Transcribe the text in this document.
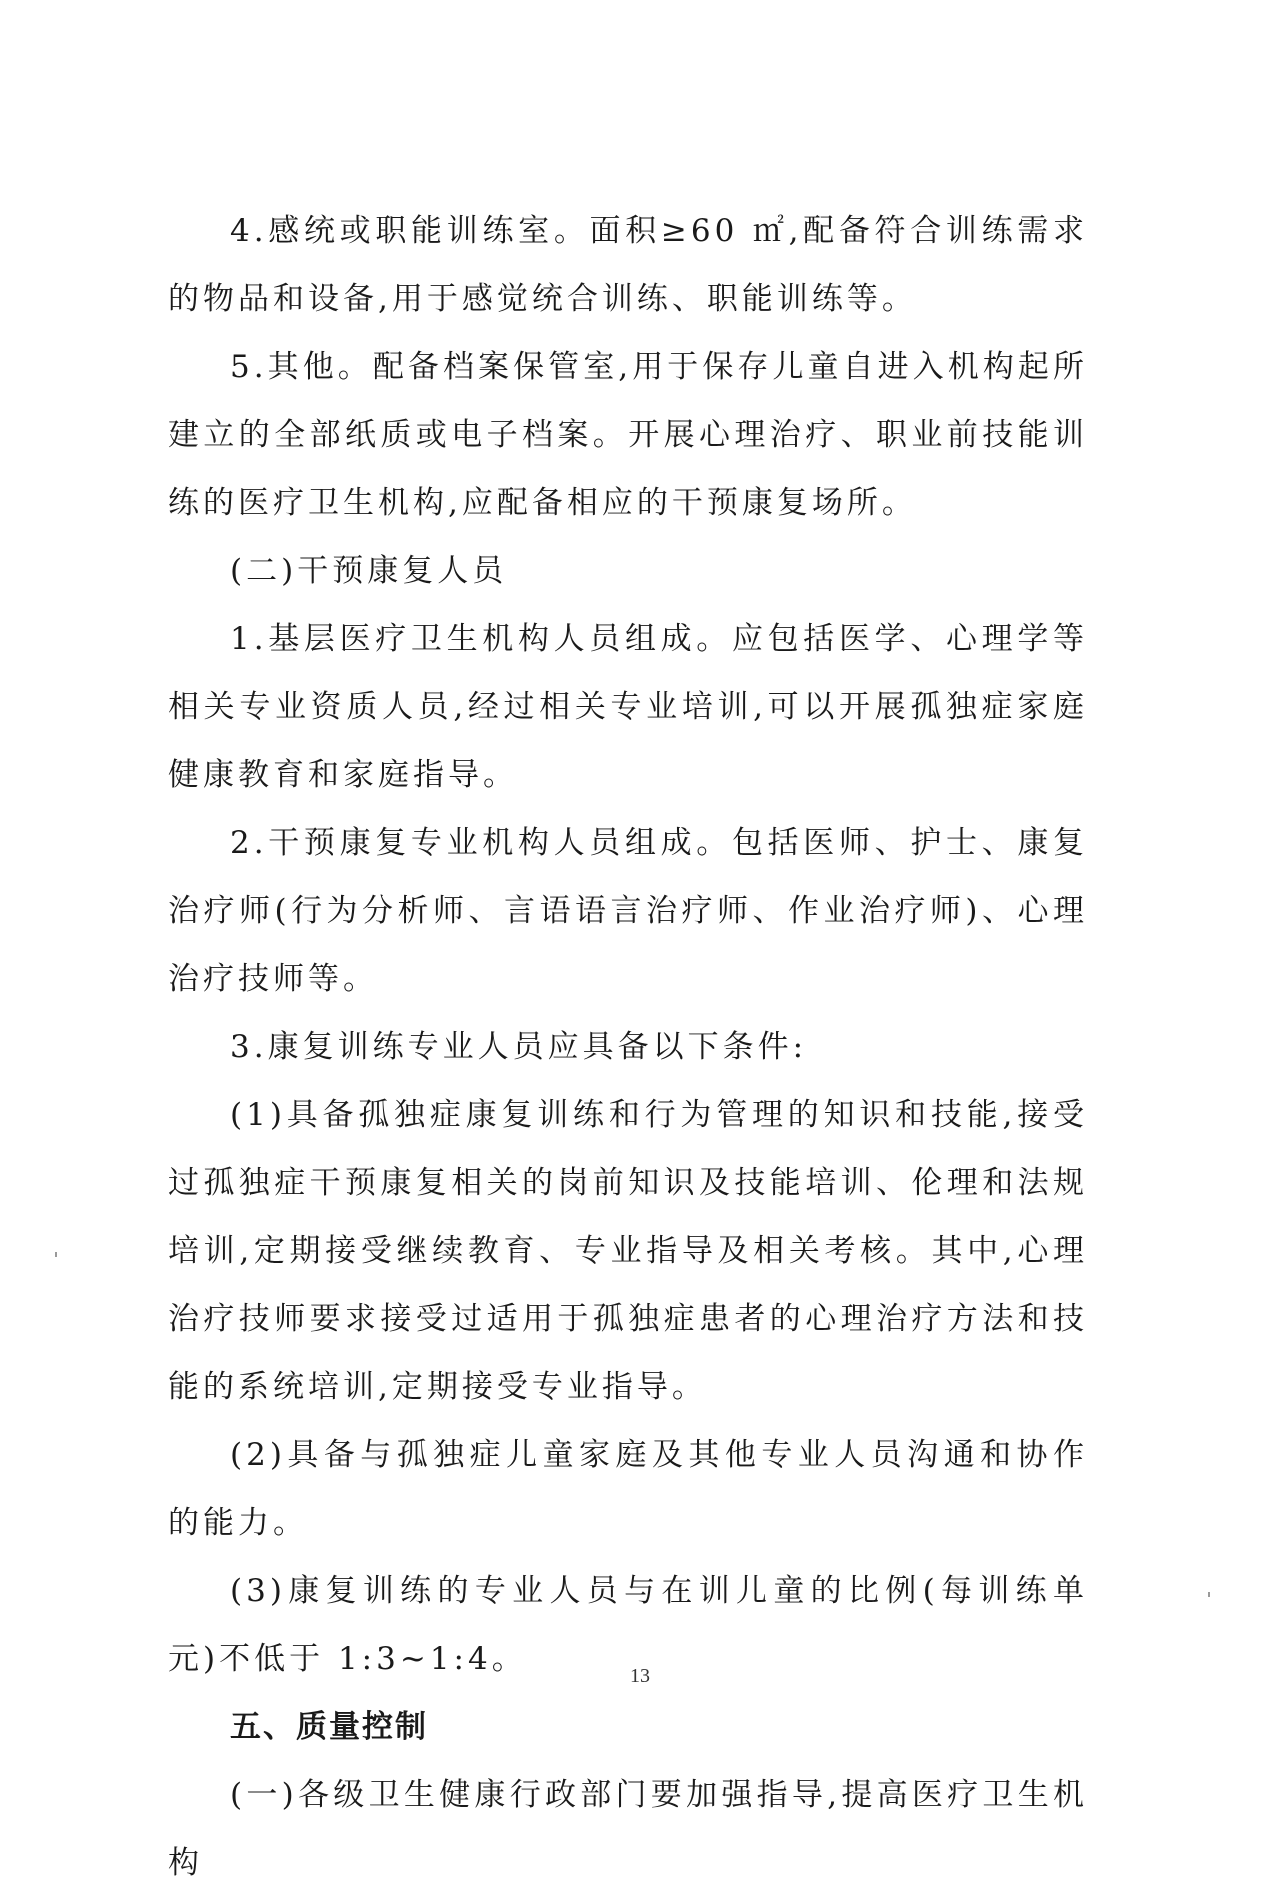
4.感统或职能训练室。面积≥60 ㎡,配备符合训练需求的物品和设备,用于感觉统合训练、职能训练等。

5.其他。配备档案保管室,用于保存儿童自进入机构起所建立的全部纸质或电子档案。开展心理治疗、职业前技能训练的医疗卫生机构,应配备相应的干预康复场所。

(二)干预康复人员

1.基层医疗卫生机构人员组成。应包括医学、心理学等相关专业资质人员,经过相关专业培训,可以开展孤独症家庭健康教育和家庭指导。

2.干预康复专业机构人员组成。包括医师、护士、康复治疗师(行为分析师、言语语言治疗师、作业治疗师)、心理治疗技师等。

3.康复训练专业人员应具备以下条件:

(1)具备孤独症康复训练和行为管理的知识和技能,接受过孤独症干预康复相关的岗前知识及技能培训、伦理和法规培训,定期接受继续教育、专业指导及相关考核。其中,心理治疗技师要求接受过适用于孤独症患者的心理治疗方法和技能的系统培训,定期接受专业指导。

(2)具备与孤独症儿童家庭及其他专业人员沟通和协作的能力。

(3)康复训练的专业人员与在训儿童的比例(每训练单元)不低于 1:3~1:4。

五、质量控制

(一)各级卫生健康行政部门要加强指导,提高医疗卫生机构

13
